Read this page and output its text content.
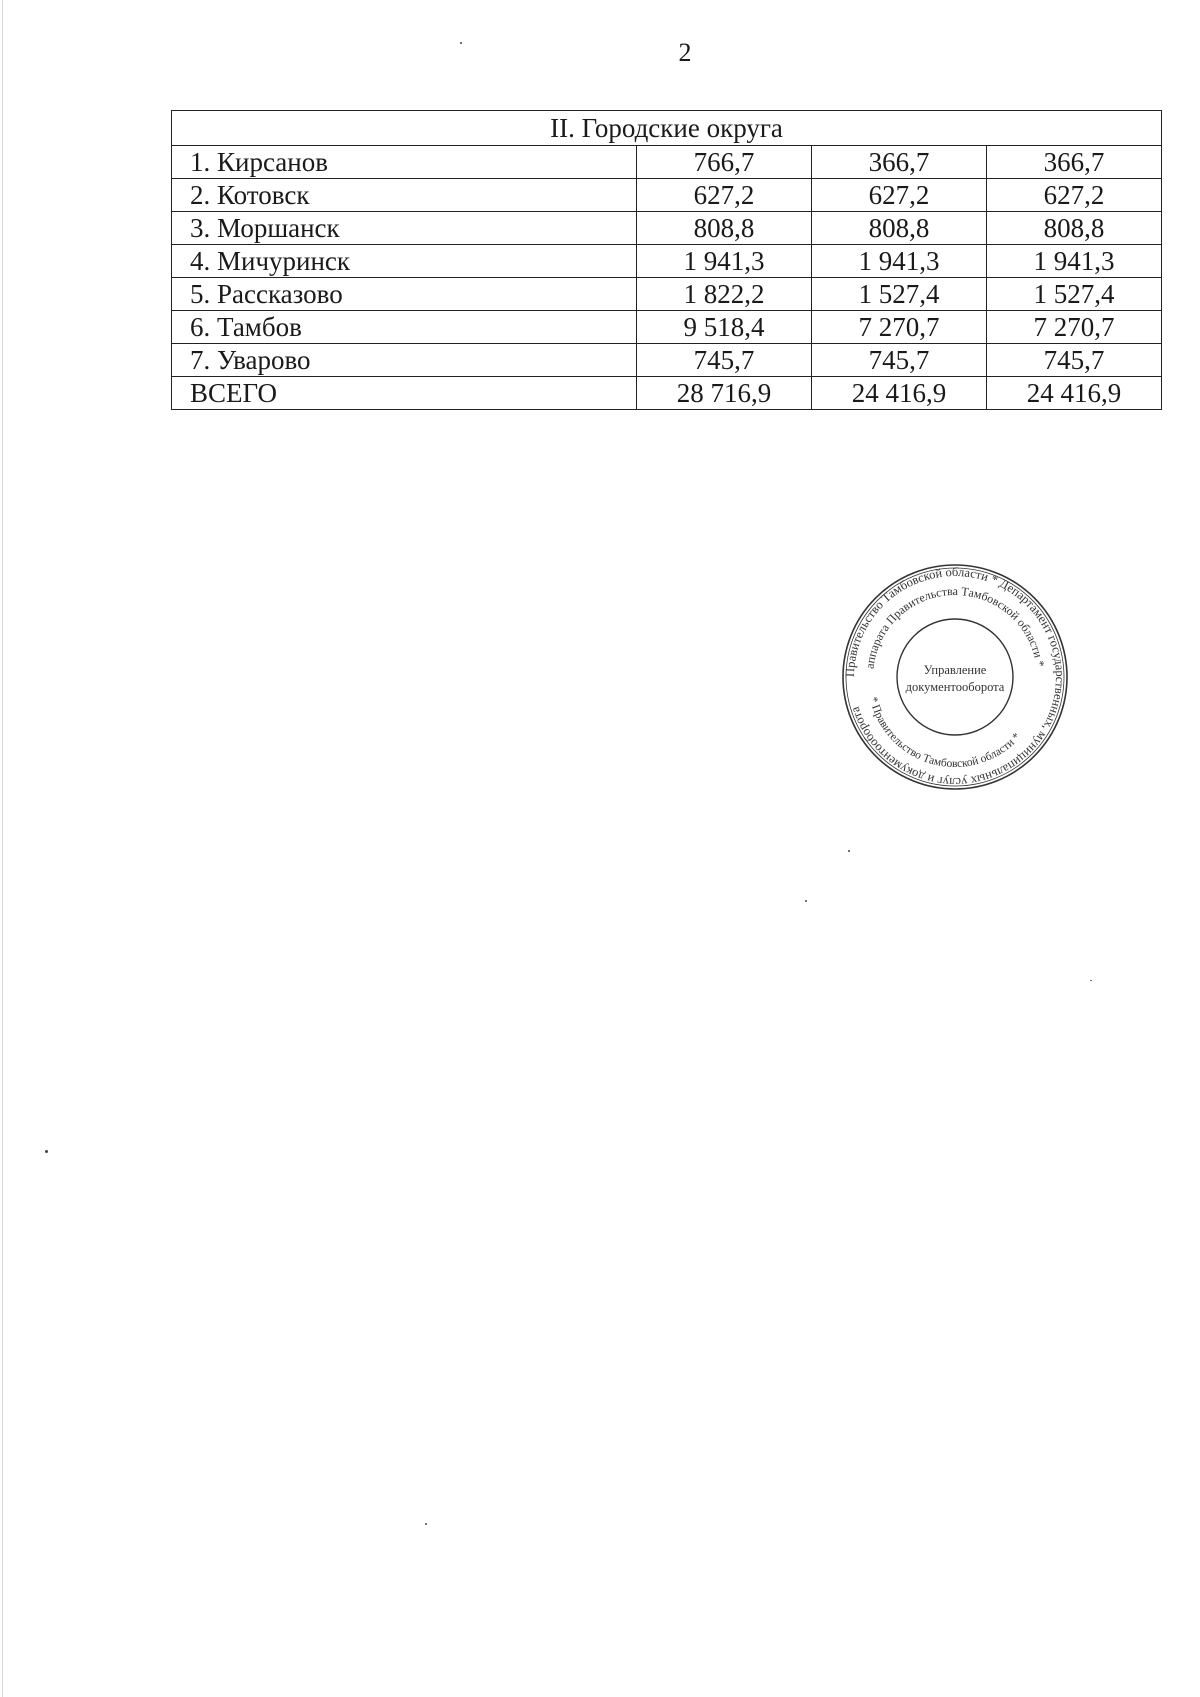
2
II. Городские округа			
1. Кирсанов	766,7	366,7	366,7
2. Котовск	627,2	627,2	627,2
3. Моршанск	808,8	808,8	808,8
4. Мичуринск	1 941,3	1 941,3	1 941,3
5. Рассказово	1 822,2	1 527,4	1 527,4
6. Тамбов	9 518,4	7 270,7	7 270,7
7. Уварово	745,7	745,7	745,7
ВСЕГО	28 716,9	24 416,9	24 416,9
Правительство Тамбовской области * Департамент государственных, муниципальных услуг и документооборота
аппарата Правительства Тамбовской области *
* Правительство Тамбовской области *
Управление
документооборота
